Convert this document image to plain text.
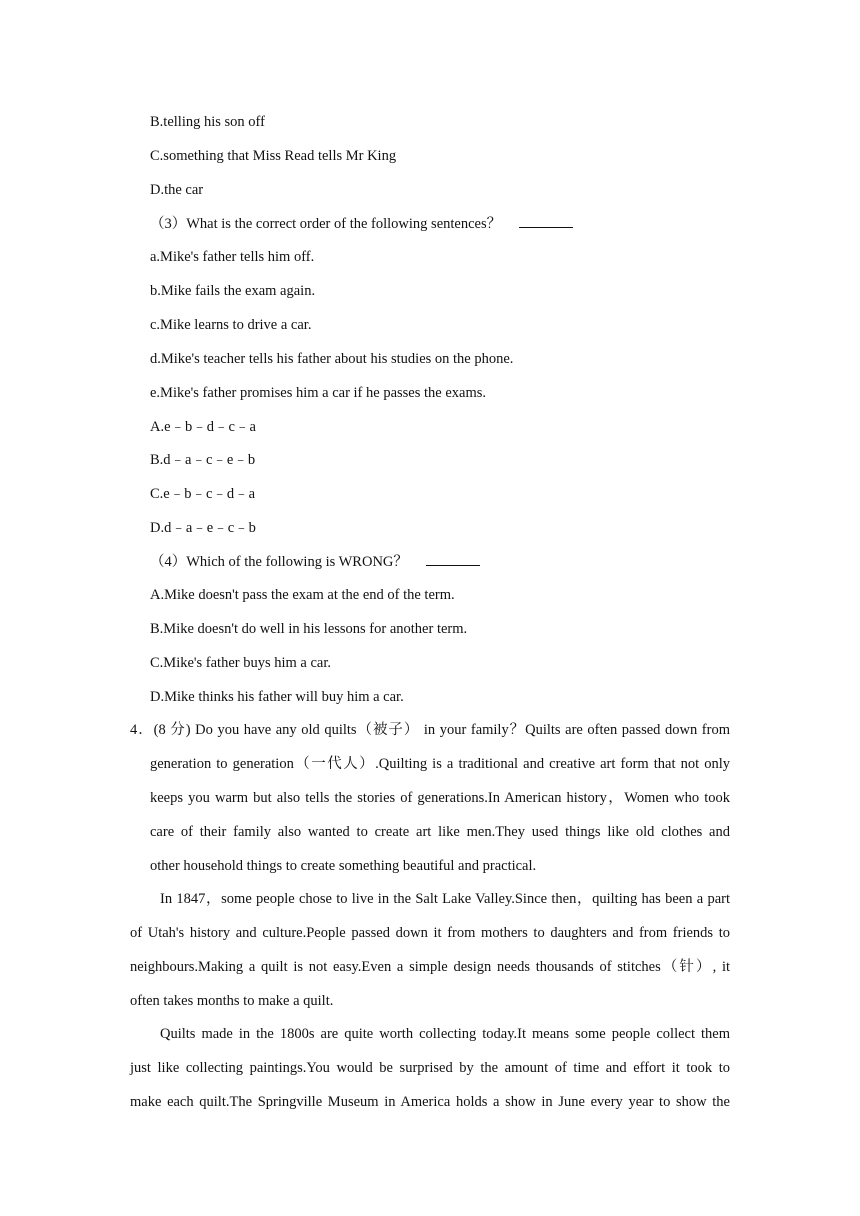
B.telling his son off
C.something that Miss Read tells Mr King
D.the car
（3）What is the correct order of the following sentences？
a.Mike's father tells him off.
b.Mike fails the exam again.
c.Mike learns to drive a car.
d.Mike's teacher tells his father about his studies on the phone.
e.Mike's father promises him a car if he passes the exams.
A.e﹣b﹣d﹣c﹣a
B.d﹣a﹣c﹣e﹣b
C.e﹣b﹣c﹣d﹣a
D.d﹣a﹣e﹣c﹣b
（4）Which of the following is WRONG？
A.Mike doesn't pass the exam at the end of the term.
B.Mike doesn't do well in his lessons for another term.
C.Mike's father buys him a car.
D.Mike thinks his father will buy him a car.
4．(8 分) Do you have any old quilts（被子） in your family？Quilts are often passed down from
generation to generation（一代人）.Quilting is a traditional and creative art form that not only
keeps you warm but also tells the stories of generations.In American history，Women who took
care of their family also wanted to create art like men.They used things like old clothes and
other household things to create something beautiful and practical.
In 1847，some people chose to live in the Salt Lake Valley.Since then，quilting has been a part
of Utah's history and culture.People passed down it from mothers to daughters and from friends to
neighbours.Making a quilt is not easy.Even a simple design needs thousands of stitches（针）, it
often takes months to make a quilt.
Quilts made in the 1800s are quite worth collecting today.It means some people collect them
just like collecting paintings.You would be surprised by the amount of time and effort it took to
make each quilt.The Springville Museum in America holds a show in June every year to show the
